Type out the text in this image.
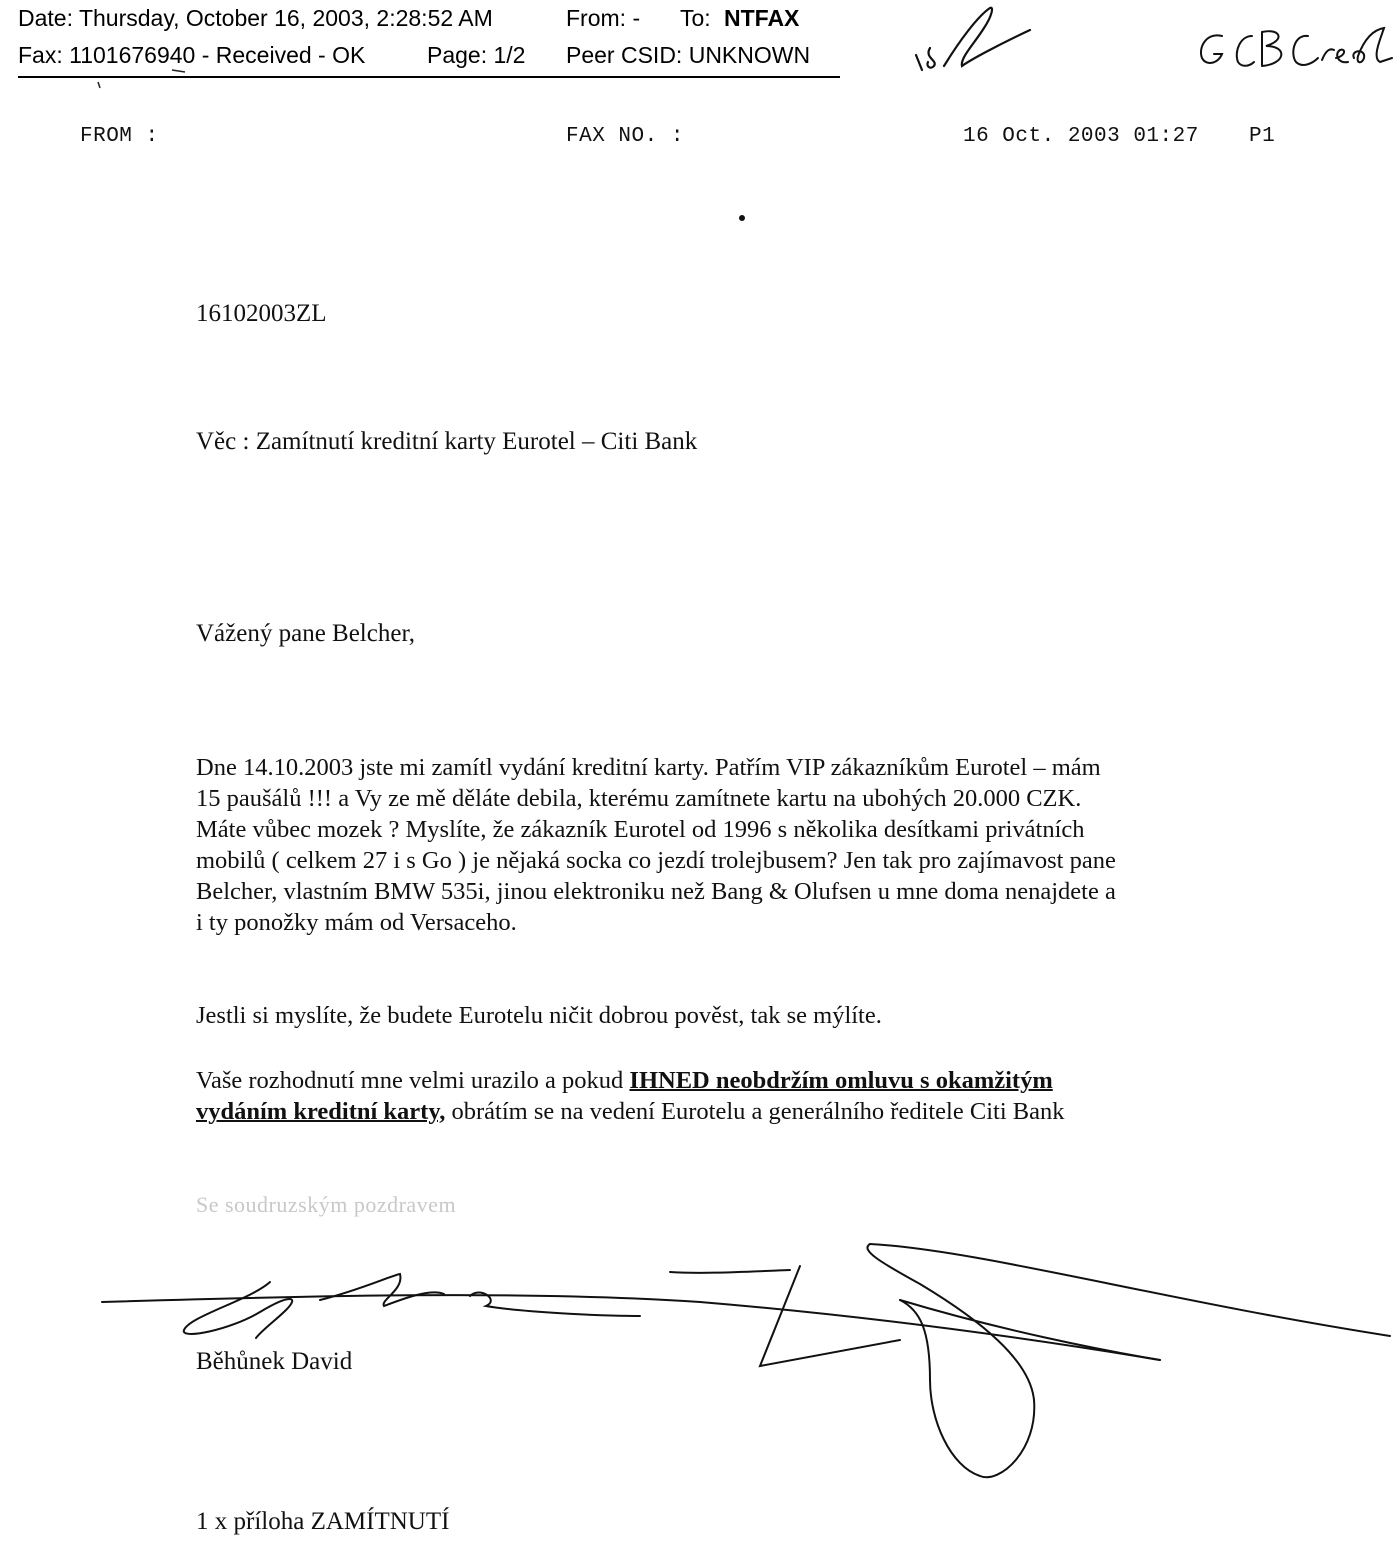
Date: Thursday, October 16, 2003, 2:28:52 AM	From: - To: NTFAX
Fax: 1101676940 - Received - OK	Page: 1/2 Peer CSID: UNKNOWN
FROM :	FAX NO. :	16 Oct. 2003 01:27 P1
16102003ZL
Věc : Zamítnutí kreditní karty Eurotel – Citi Bank
Vážený pane Belcher,
Dne 14.10.2003 jste mi zamítl vydání kreditní karty. Patřím VIP zákazníkům Eurotel – mám
15 paušálů !!! a Vy ze mě děláte debila, kterému zamítnete kartu na ubohých 20.000 CZK.
Máte vůbec mozek ? Myslíte, že zákazník Eurotel od 1996 s několika desítkami privátních
mobilů ( celkem 27 i s Go ) je nějaká socka co jezdí trolejbusem? Jen tak pro zajímavost pane
Belcher, vlastním BMW 535i, jinou elektroniku než Bang & Olufsen u mne doma nenajdete a
i ty ponožky mám od Versaceho.
Jestli si myslíte, že budete Eurotelu ničit dobrou pověst, tak se mýlíte.
Vaše rozhodnutí mne velmi urazilo a pokud IHNED neobdržím omluvu s okamžitým
vydáním kreditní karty, obrátím se na vedení Eurotelu a generálního ředitele Citi Bank
Se soudruzským pozdravem
Běhůnek David
1 x příloha ZAMÍTNUTÍ
